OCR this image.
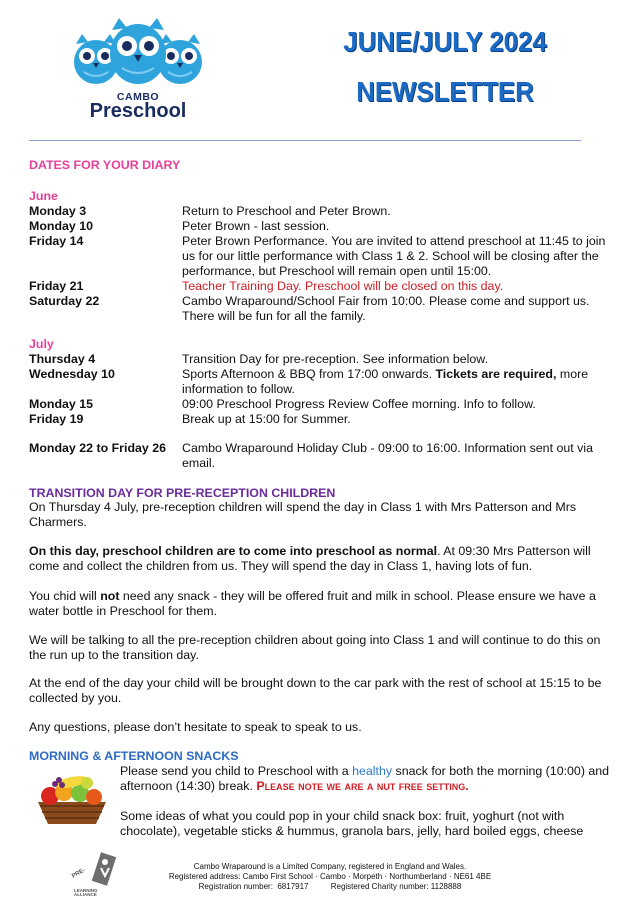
CAMBO
Preschool
JUNE/JULY 2024
NEWSLETTER
DATES FOR YOUR DIARY
June
Monday 3	Return to Preschool and Peter Brown.
Monday 10	Peter Brown - last session.
Friday 14	Peter Brown Performance. You are invited to attend preschool at 11:45 to join us for our little performance with Class 1 & 2. School will be closing after the performance, but Preschool will remain open until 15:00.
Friday 21	Teacher Training Day. Preschool will be closed on this day.
Saturday 22	Cambo Wraparound/School Fair from 10:00. Please come and support us. There will be fun for all the family.
July
Thursday 4	Transition Day for pre-reception. See information below.
Wednesday 10	Sports Afternoon & BBQ from 17:00 onwards. Tickets are required, more information to follow.
Monday 15	09:00 Preschool Progress Review Coffee morning. Info to follow.
Friday 19	Break up at 15:00 for Summer.
Monday 22 to Friday 26 Cambo Wraparound Holiday Club - 09:00 to 16:00. Information sent out via email.
TRANSITION DAY FOR PRE-RECEPTION CHILDREN
On Thursday 4 July, pre-reception children will spend the day in Class 1 with Mrs Patterson and Mrs Charmers.
On this day, preschool children are to come into preschool as normal. At 09:30 Mrs Patterson will come and collect the children from us. They will spend the day in Class 1, having lots of fun.
You chid will not need any snack - they will be offered fruit and milk in school. Please ensure we have a water bottle in Preschool for them.
We will be talking to all the pre-reception children about going into Class 1 and will continue to do this on the run up to the transition day.
At the end of the day your child will be brought down to the car park with the rest of school at 15:15 to be collected by you.
Any questions, please don’t hesitate to speak to speak to us.
MORNING & AFTERNOON SNACKS
Please send you child to Preschool with a healthy snack for both the morning (10:00) and afternoon (14:30) break. Please note we are a nut free setting.
Some ideas of what you could pop in your child snack box: fruit, yoghurt (not with chocolate), vegetable sticks & hummus, granola bars, jelly, hard boiled eggs, cheese
PRE-
LEARNING
ALLIANCE
Cambo Wraparound is a Limited Company, registered in England and Wales.
Registered address: Cambo First School · Cambo · Morpeth · Northumberland · NE61 4BE
Registration number:  6817917          Registered Charity number: 1128888
